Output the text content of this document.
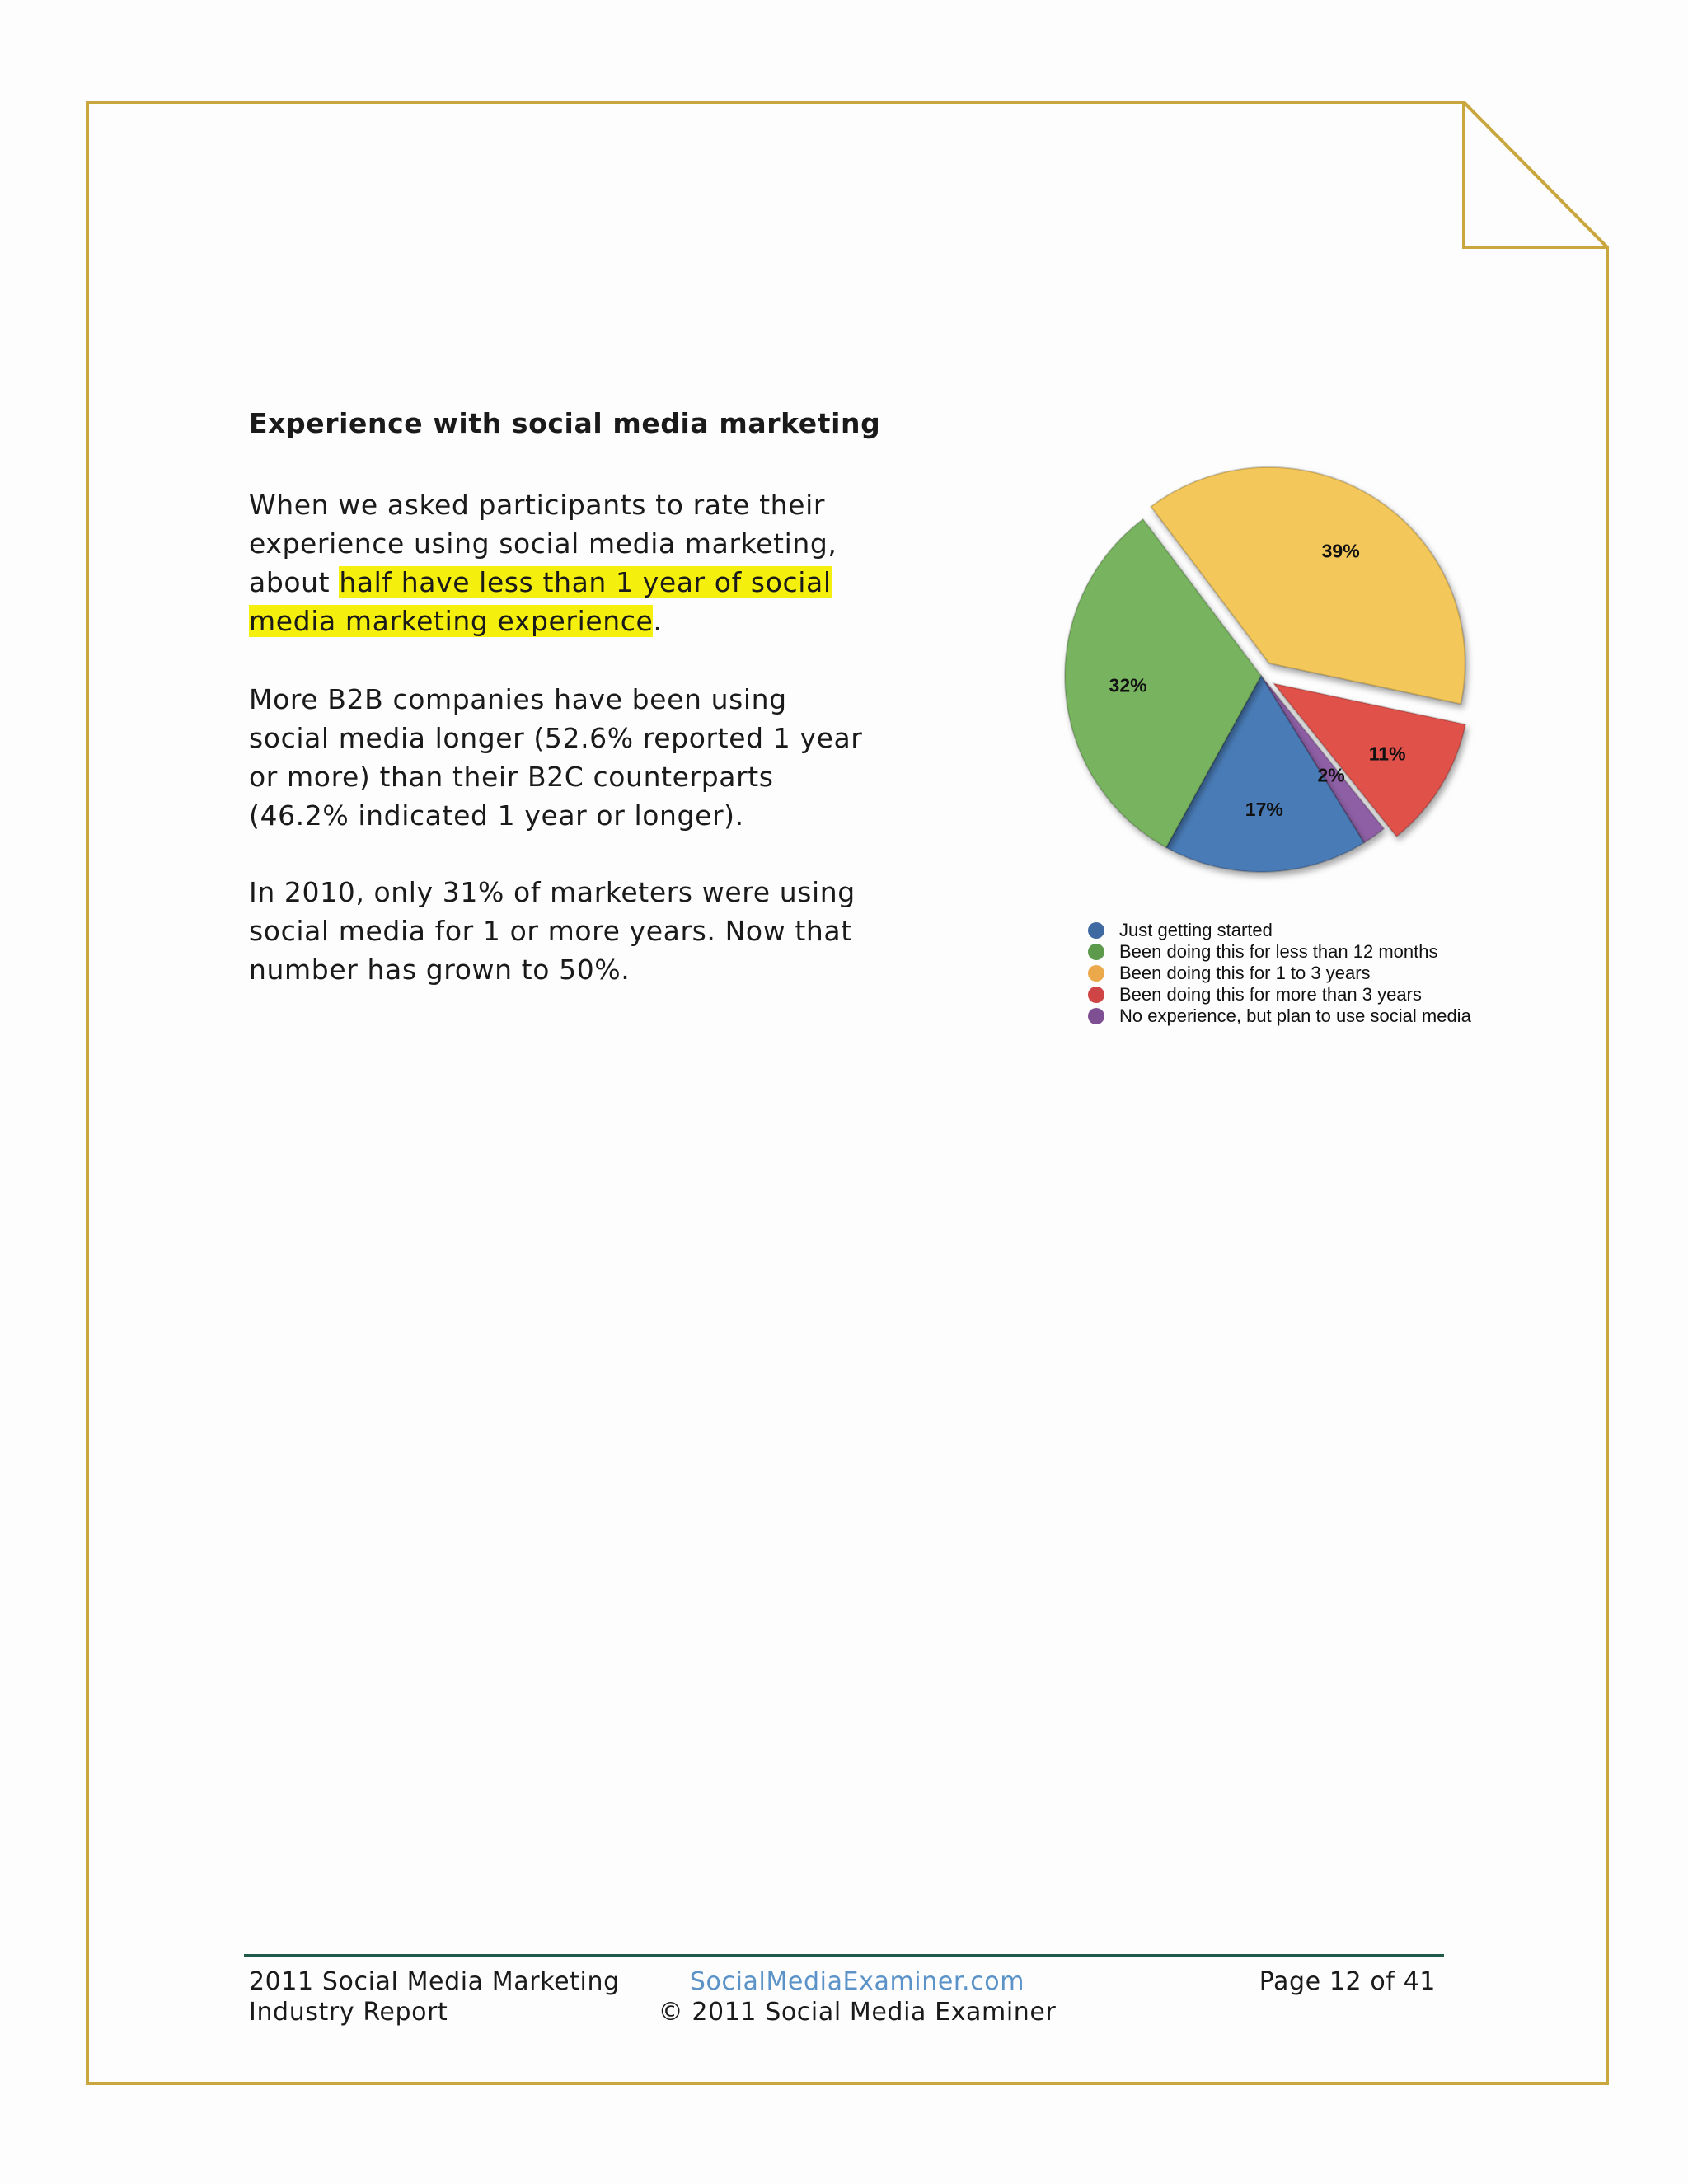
Experience with social media marketing

When we asked participants to rate their experience using social media marketing, about half have less than 1 year of social media marketing experience.

More B2B companies have been using social media longer (52.6% reported 1 year or more) than their B2C counterparts (46.2% indicated 1 year or longer).

In 2010, only 31% of marketers were using social media for 1 or more years. Now that number has grown to 50%.

39%
11%
2%
17%
32%
Just getting started
Been doing this for less than 12 months
Been doing this for 1 to 3 years
Been doing this for more than 3 years
No experience, but plan to use social media
2011 Social Media Marketing
Industry Report
SocialMediaExaminer.com
© 2011 Social Media Examiner
Page 12 of 41
